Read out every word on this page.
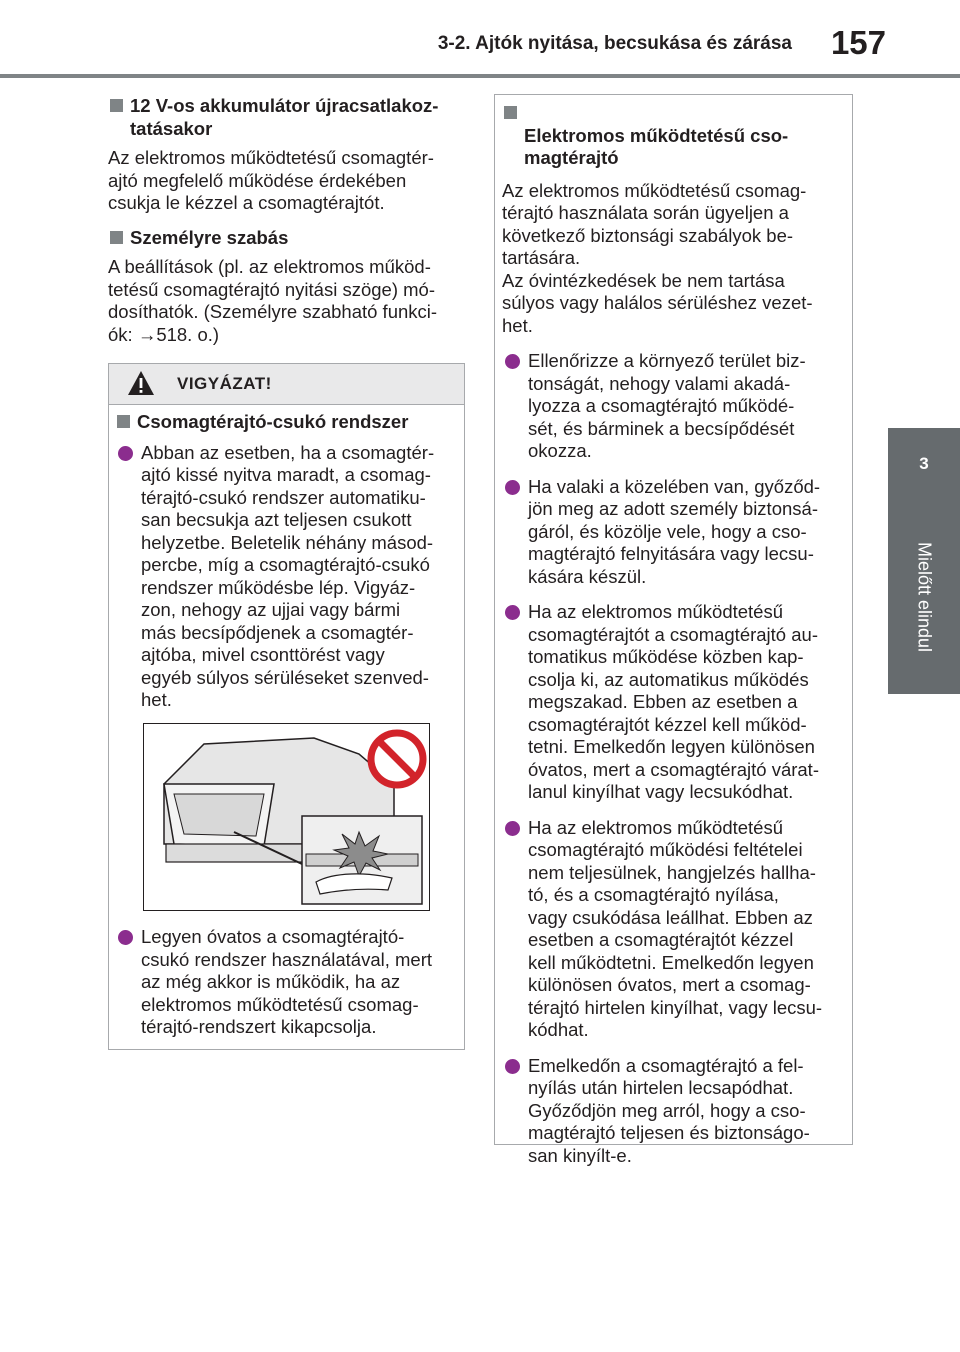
3-2. Ajtók nyitása, becsukása és zárása	157
3
Mielőtt elindul
12 V-os akkumulátor újracsatlakoz-
tatásakor

Az elektromos működtetésű csomagtér-
ajtó megfelelő működése érdekében
csukja le kézzel a csomagtérajtót.

Személyre szabás

A beállítások (pl. az elektromos működ-
tetésű csomagtérajtó nyitási szöge) mó-
dosíthatók. (Személyre szabható funkci-
ók: →518. o.)

VIGYÁZAT!
Csomagtérajtó-csukó rendszer
Abban az esetben, ha a csomagtér-
ajtó kissé nyitva maradt, a csomag-
térajtó-csukó rendszer automatiku-
san becsukja azt teljesen csukott
helyzetbe. Beletelik néhány másod-
percbe, míg a csomagtérajtó-csukó
rendszer működésbe lép. Vigyáz-
zon, nehogy az ujjai vagy bármi
más becsípődjenek a csomagtér-
ajtóba, mivel csonttörést vagy
egyéb súlyos sérüléseket szenved-
het.
Legyen óvatos a csomagtérajtó-
csukó rendszer használatával, mert
az még akkor is működik, ha az
elektromos működtetésű csomag-
térajtó-rendszert kikapcsolja.

Elektromos működtetésű cso-
magtérajtó

Az elektromos működtetésű csomag-
térajtó használata során ügyeljen a
következő biztonsági szabályok be-
tartására.
Az óvintézkedések be nem tartása
súlyos vagy halálos sérüléshez vezet-
het.

Ellenőrizze a környező terület biz-
tonságát, nehogy valami akadá-
lyozza a csomagtérajtó működé-
sét, és bárminek a becsípődését
okozza.
Ha valaki a közelében van, győződ-
jön meg az adott személy biztonsá-
gáról, és közölje vele, hogy a cso-
magtérajtó felnyitására vagy lecsu-
kására készül.
Ha az elektromos működtetésű
csomagtérajtót a csomagtérajtó au-
tomatikus működése közben kap-
csolja ki, az automatikus működés
megszakad. Ebben az esetben a
csomagtérajtót kézzel kell működ-
tetni. Emelkedőn legyen különösen
óvatos, mert a csomagtérajtó várat-
lanul kinyílhat vagy lecsukódhat.
Ha az elektromos működtetésű
csomagtérajtó működési feltételei
nem teljesülnek, hangjelzés hallha-
tó, és a csomagtérajtó nyílása,
vagy csukódása leállhat. Ebben az
esetben a csomagtérajtót kézzel
kell működtetni. Emelkedőn legyen
különösen óvatos, mert a csomag-
térajtó hirtelen kinyílhat, vagy lecsu-
kódhat.
Emelkedőn a csomagtérajtó a fel-
nyílás után hirtelen lecsapódhat.
Győződjön meg arról, hogy a cso-
magtérajtó teljesen és biztonságo-
san kinyílt-e.
